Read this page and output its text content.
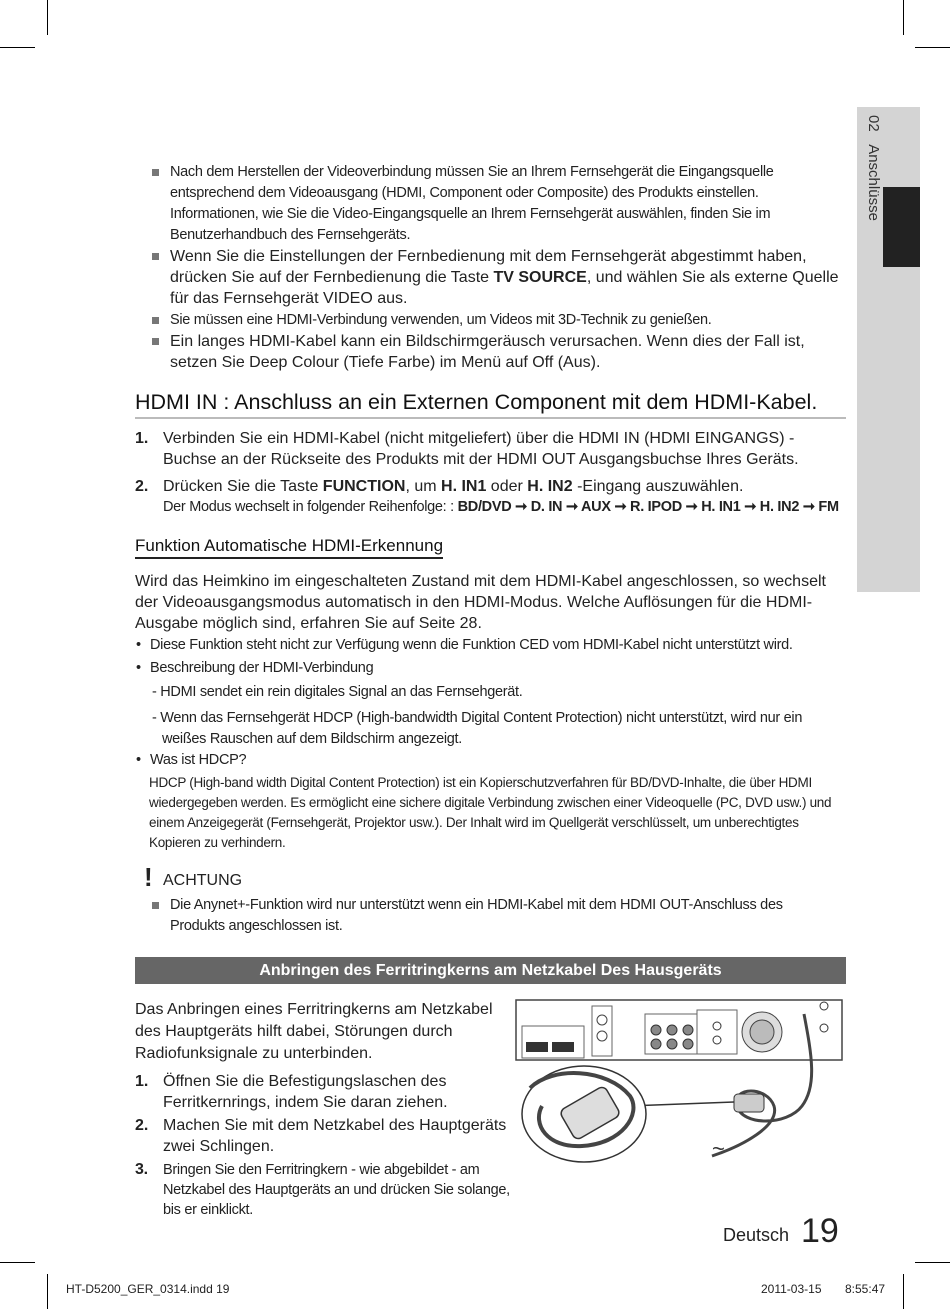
02   Anschlüsse
Nach dem Herstellen der Videoverbindung müssen Sie an Ihrem Fernsehgerät die Eingangsquelle entsprechend dem Videoausgang (HDMI, Component oder Composite) des Produkts einstellen. Informationen, wie Sie die Video-Eingangsquelle an Ihrem Fernsehgerät auswählen, finden Sie im Benutzerhandbuch des Fernsehgeräts.
Wenn Sie die Einstellungen der Fernbedienung mit dem Fernsehgerät abgestimmt haben, drücken Sie auf der Fernbedienung die Taste TV SOURCE, und wählen Sie als externe Quelle für das Fernsehgerät VIDEO aus.
Sie müssen eine HDMI-Verbindung verwenden, um Videos mit 3D-Technik zu genießen.
Ein langes HDMI-Kabel kann ein Bildschirmgeräusch verursachen. Wenn dies der Fall ist, setzen Sie Deep Colour (Tiefe Farbe) im Menü auf Off (Aus).
HDMI IN : Anschluss an ein Externen Component mit dem HDMI-Kabel.
1. Verbinden Sie ein HDMI-Kabel (nicht mitgeliefert) über die HDMI IN (HDMI EINGANGS) -Buchse an der Rückseite des Produkts mit der HDMI OUT Ausgangsbuchse Ihres Geräts.
2. Drücken Sie die Taste FUNCTION, um H. IN1 oder H. IN2 -Eingang auszuwählen.
Der Modus wechselt in folgender Reihenfolge: : BD/DVD ➞ D. IN ➞ AUX ➞ R. IPOD ➞ H. IN1 ➞ H. IN2 ➞ FM
Funktion Automatische HDMI-Erkennung
Wird das Heimkino im eingeschalteten Zustand mit dem HDMI-Kabel angeschlossen, so wechselt der Videoausgangsmodus automatisch in den HDMI-Modus. Welche Auflösungen für die HDMI-Ausgabe möglich sind, erfahren Sie auf Seite 28.
• Diese Funktion steht nicht zur Verfügung wenn die Funktion CED vom HDMI-Kabel nicht unterstützt wird.
• Beschreibung der HDMI-Verbindung
- HDMI sendet ein rein digitales Signal an das Fernsehgerät.
- Wenn das Fernsehgerät HDCP (High-bandwidth Digital Content Protection) nicht unterstützt, wird nur ein weißes Rauschen auf dem Bildschirm angezeigt.
• Was ist HDCP?
HDCP (High-band width Digital Content Protection) ist ein Kopierschutzverfahren für BD/DVD-Inhalte, die über HDMI wiedergegeben werden. Es ermöglicht eine sichere digitale Verbindung zwischen einer Videoquelle (PC, DVD usw.) und einem Anzeigegerät (Fernsehgerät, Projektor usw.). Der Inhalt wird im Quellgerät verschlüsselt, um unberechtigtes Kopieren zu verhindern.
! ACHTUNG
Die Anynet+-Funktion wird nur unterstützt wenn ein HDMI-Kabel mit dem HDMI OUT-Anschluss des Produkts angeschlossen ist.
Anbringen des Ferritringkerns am Netzkabel Des Hausgeräts
Das Anbringen eines Ferritringkerns am Netzkabel des Hauptgeräts hilft dabei, Störungen durch Radiofunksignale zu unterbinden.
1. Öffnen Sie die Befestigungslaschen des Ferritkernrings, indem Sie daran ziehen.
2. Machen Sie mit dem Netzkabel des Hauptgeräts zwei Schlingen.
3. Bringen Sie den Ferritringkern - wie abgebildet - am Netzkabel des Hauptgeräts an und drücken Sie solange, bis er einklickt.
~
Deutsch 19
HT-D5200_GER_0314.indd 19	2011-03-15 8:55:47
